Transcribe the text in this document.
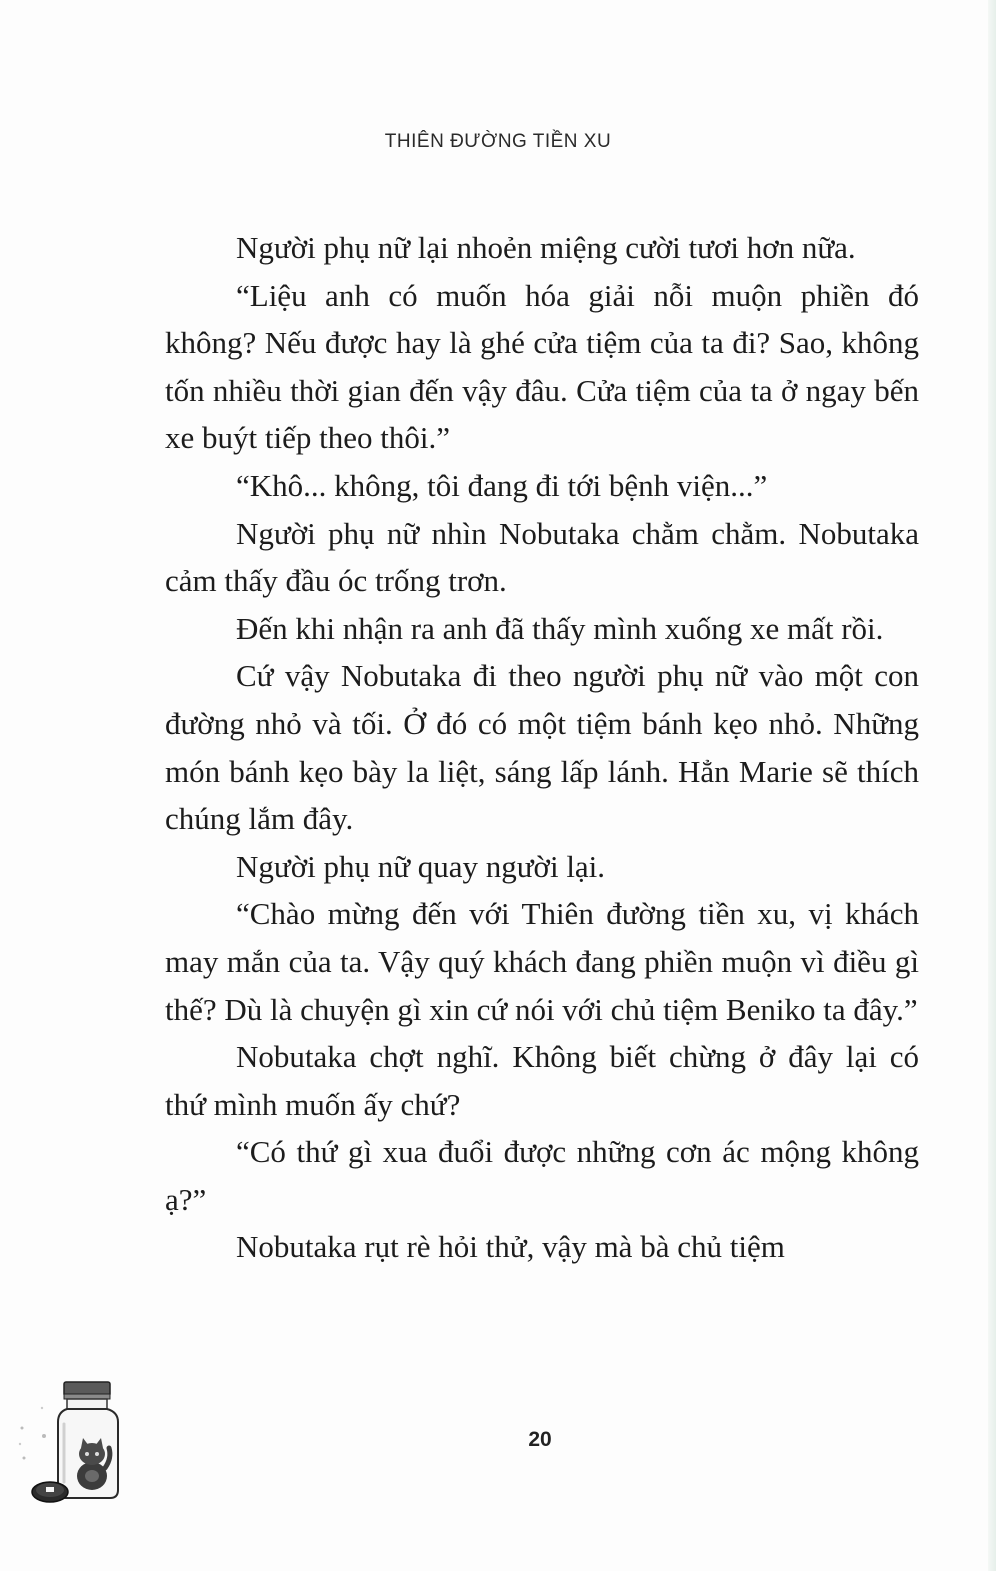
THIÊN ĐƯỜNG TIỀN XU

Người phụ nữ lại nhoẻn miệng cười tươi hơn nữa.

“Liệu anh có muốn hóa giải nỗi muộn phiền đó không? Nếu được hay là ghé cửa tiệm của ta đi? Sao, không tốn nhiều thời gian đến vậy đâu. Cửa tiệm của ta ở ngay bến xe buýt tiếp theo thôi.”

“Khô... không, tôi đang đi tới bệnh viện...”

Người phụ nữ nhìn Nobutaka chằm chằm. Nobutaka cảm thấy đầu óc trống trơn.

Đến khi nhận ra anh đã thấy mình xuống xe mất rồi.

Cứ vậy Nobutaka đi theo người phụ nữ vào một con đường nhỏ và tối. Ở đó có một tiệm bánh kẹo nhỏ. Những món bánh kẹo bày la liệt, sáng lấp lánh. Hẳn Marie sẽ thích chúng lắm đây.

Người phụ nữ quay người lại.

“Chào mừng đến với Thiên đường tiền xu, vị khách may mắn của ta. Vậy quý khách đang phiền muộn vì điều gì thế? Dù là chuyện gì xin cứ nói với chủ tiệm Beniko ta đây.”

Nobutaka chợt nghĩ. Không biết chừng ở đây lại có thứ mình muốn ấy chứ?

“Có thứ gì xua đuổi được những cơn ác mộng không ạ?”

Nobutaka rụt rè hỏi thử, vậy mà bà chủ tiệm

20
